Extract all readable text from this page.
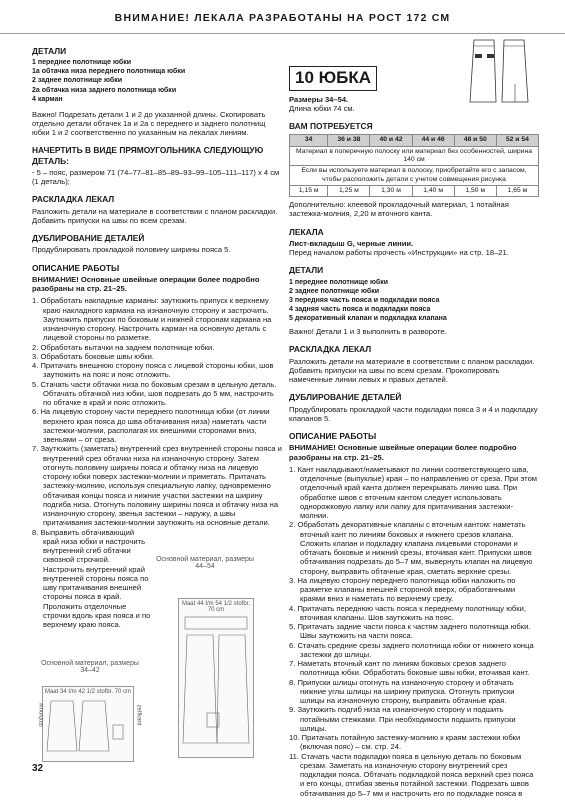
ВНИМАНИЕ! ЛЕКАЛА РАЗРАБОТАНЫ НА РОСТ 172 СМ
ДЕТАЛИ
1 переднее полотнище юбки
1а обтачка низа переднего полотнища юбки
2 заднее полотнище юбки
2а обтачка низа заднего полотнища юбки
4 карман
Важно! Подрезать детали 1 и 2 до указанной длины. Скопировать отдельно детали обтачек 1а и 2а с переднего и заднего полотнищ юбки 1 и 2 соответственно по указанным на лекалах линиям.
НАЧЕРТИТЬ В ВИДЕ ПРЯМОУГОЛЬНИКА СЛЕДУЮЩУЮ ДЕТАЛЬ:
- 5 – пояс, размером 71 (74–77–81–85–89–93–99–105–111–117) х 4 см (1 деталь);
РАСКЛАДКА ЛЕКАЛ
Разложить детали на материале в соответствии с планом раскладки. Добавить припуски на швы по всем срезам.
ДУБЛИРОВАНИЕ ДЕТАЛЕЙ
Продублировать прокладкой половину ширины пояса 5.
ОПИСАНИЕ РАБОТЫ
ВНИМАНИЕ! Основные швейные операции более подробно разобраны на стр. 21–25.
1. Обработать накладные карманы: заутюжить припуск к верхнему краю накладного кармана на изнаночную сторону и застрочить. Заутюжить припуски по боковым и нижней сторонам кармана на изнаночную сторону. Настрочить карман на основную деталь с лицевой стороны по разметке.
2. Обработать вытачки на заднем полотнище юбки.
3. Обработать боковые швы юбки.
4. Притачать внешнюю сторону пояса с лицевой стороны юбки, шов заутюжить на пояс и пояс отложить.
5. Стачать части обтачки низа по боковым срезам в цельную деталь. Обтачать обтачкой низ юбки, шов подрезать до 5 мм, настрочить по обтачке в край и пояс отложить.
6. На лицевую сторону части переднего полотнища юбки (от линии верхнего края пояса до шва обтачивания низа) наметать части застежки-молнии, располагая их внешними сторонами вниз, звеньями – от среза.
7. Заутюжить (заметать) внутренний срез внутренней стороны пояса и внутренний срез обтачки низа на изнаночную сторону. Затем отогнуть половину ширины пояса и обтачку низа на лицевую сторону юбки поверх застежки-молнии и приметать. Притачать застежку-молнию, используя специальную лапку, одновременно обтачивая концы пояса и нижние участки застежки на ширину подгиба низа. Отогнуть половину ширины пояса и обтачку низа на изнаночную сторону, звенья застежки – наружу, а швы притачивания застежки-молнии заутюжить на основные детали.
8. Выправить обтачивающий край низа юбки и настрочить внутренний сгиб обтачки сквозной строчкой. Настрочить внутренний край внутренней стороны пояса по шву притачивания внешней стороны пояса в край. Проложить отделочные строчки вдоль края пояса и по верхнему краю пояса.
Основной материал, размеры 34–42
Maat 34 t/m 42 1/2 stofbr. 70 cm
Основной материал, размеры 44–54
Maat 44 t/m 54 1/2 stofbr. 70 cm
stofvouw	zelfkant
10 ЮБКА
Размеры 34–54.
Длина юбки 74 см.
ВАМ ПОТРЕБУЕТСЯ
34	36 и 38	40 и 42	44 и 46	48 и 50	52 и 54
Материал в поперечную полоску или материал без особенностей, ширина 140 см					
Если вы используете материал в полоску, приобретайте его с запасом, чтобы расположить детали с учетом совмещения рисунка					
1,15 м	1,25 м	1,30 м	1,40 м	1,50 м	1,65 м
Дополнительно: клеевой прокладочный материал, 1 потайная застежка-молния, 2,20 м вточного канта.
ЛЕКАЛА
Лист-вкладыш G, черные линии.
Перед началом работы прочесть «Инструкции» на стр. 18–21.
ДЕТАЛИ
1 переднее полотнище юбки
2 заднее полотнище юбки
3 передняя часть пояса и подкладки пояса
4 задняя часть пояса и подкладки пояса
5 декоративный клапан и подкладка клапана
Важно! Детали 1 и 3 выполнить в развороте.
РАСКЛАДКА ЛЕКАЛ
Разложить детали на материале в соответствии с планом раскладки. Добавить припуски на швы по всем срезам. Прокопировать намеченные линии левых и правых деталей.
ДУБЛИРОВАНИЕ ДЕТАЛЕЙ
Продублировать прокладкой части подкладки пояса 3 и 4 и подкладку клапанов 5.
ОПИСАНИЕ РАБОТЫ
ВНИМАНИЕ! Основные швейные операции более подробно разобраны на стр. 21–25.
1. Кант накладывают/наметывают по линии соответствующего шва, отделочные (выпуклые) края – по направлению от среза. При этом отделочный край канта должен перекрывать линию шва. При обработке швов с вточным кантом следует использовать однорожковую лапку или лапку для притачивания застежки-молнии.
2. Обработать декоративные клапаны с вточным кантом: наметать вточный кант по линиям боковых и нижнего срезов клапана. Сложить клапан и подкладку клапана лицевыми сторонами и обтачать боковые и нижний срезы, вточивая кант. Припуски швов обтачивания подрезать до 5–7 мм, вывернуть клапан на лицевую сторону, выправить обтачные края, сметать верхние срезы.
3. На лицевую сторону переднего полотнища юбки наложить по разметке клапаны внешней стороной вверх, обработанными краями вниз и наметать по верхнему срезу.
4. Притачать переднюю часть пояса к переднему полотнищу юбки, вточивая клапаны. Шов заутюжить на пояс.
5. Притачать задние части пояса к частям заднего полотнища юбки. Швы заутюжить на части пояса.
6. Стачать средние срезы заднего полотнища юбки от нижнего конца застежки до шлицы.
7. Наметать вточный кант по линиям боковых срезов заднего полотнища юбки. Обработать боковые швы юбки, вточивая кант.
8. Припуски шлицы отогнуть на изнаночную сторону и обтачать нижние углы шлицы на ширину припуска. Отогнуть припуски шлицы на изнаночную сторону, выправить обтачные края.
9. Заутюжить подгиб низа на изнаночную сторону и подшить потайными стежками. При необходимости подшить припуски шлицы.
10. Притачать потайную застежку-молнию к краям застежки юбки (включая пояс) – см. стр. 24.
11. Стачать части подкладки пояса в цельную деталь по боковым срезам. Заметать на изнаночную сторону внутренний срез подкладки пояса. Обтачать подкладкой пояса верхний срез пояса и его концы, отгибая звенья потайной застежки. Подрезать швов обтачивания до 5–7 мм и настрочить его по подкладке пояса в
32
